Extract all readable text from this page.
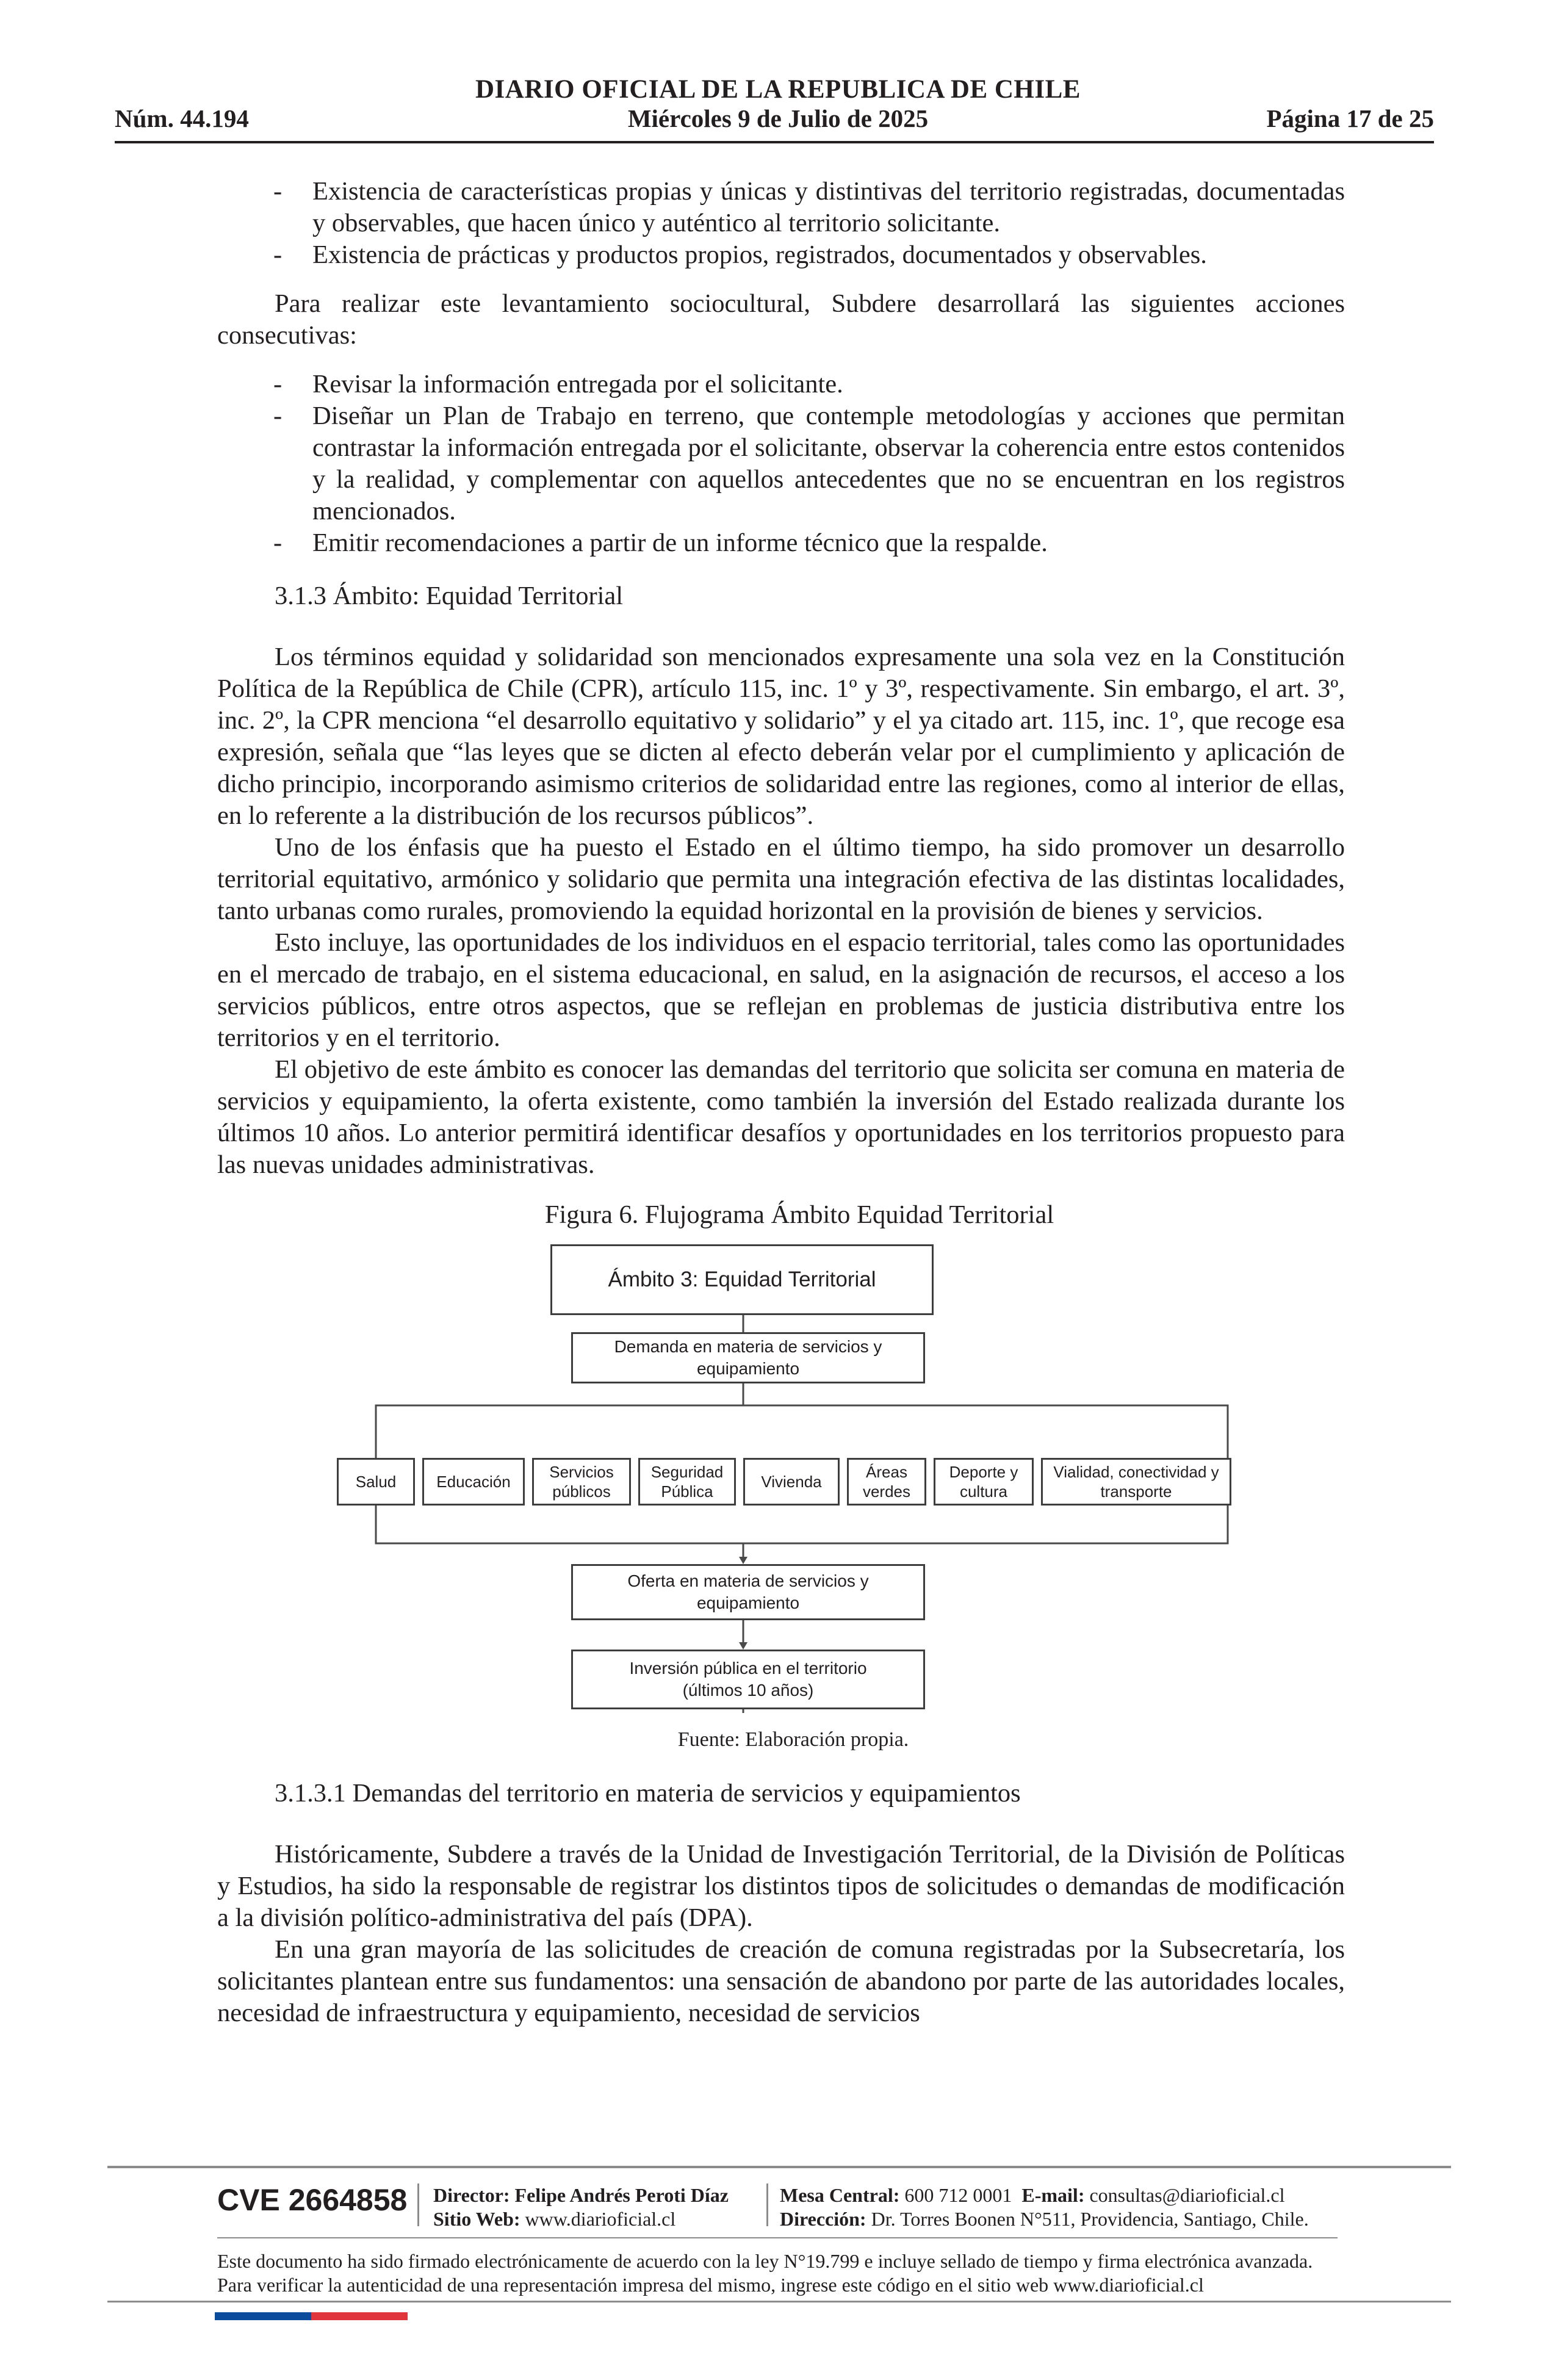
DIARIO OFICIAL DE LA REPUBLICA DE CHILE
Núm. 44.194	Miércoles 9 de Julio de 2025	Página 17 de 25
- Existencia de características propias y únicas y distintivas del territorio registradas, documentadas y observables, que hacen único y auténtico al territorio solicitante.
- Existencia de prácticas y productos propios, registrados, documentados y observables.

Para realizar este levantamiento sociocultural, Subdere desarrollará las siguientes acciones consecutivas:

- Revisar la información entregada por el solicitante.
- Diseñar un Plan de Trabajo en terreno, que contemple metodologías y acciones que permitan contrastar la información entregada por el solicitante, observar la coherencia entre estos contenidos y la realidad, y complementar con aquellos antecedentes que no se encuentran en los registros mencionados.
- Emitir recomendaciones a partir de un informe técnico que la respalde.
3.1.3 Ámbito: Equidad Territorial

Los términos equidad y solidaridad son mencionados expresamente una sola vez en la Constitución Política de la República de Chile (CPR), artículo 115, inc. 1º y 3º, respectivamente. Sin embargo, el art. 3º, inc. 2º, la CPR menciona “el desarrollo equitativo y solidario” y el ya citado art. 115, inc. 1º, que recoge esa expresión, señala que “las leyes que se dicten al efecto deberán velar por el cumplimiento y aplicación de dicho principio, incorporando asimismo criterios de solidaridad entre las regiones, como al interior de ellas, en lo referente a la distribución de los recursos públicos”.

Uno de los énfasis que ha puesto el Estado en el último tiempo, ha sido promover un desarrollo territorial equitativo, armónico y solidario que permita una integración efectiva de las distintas localidades, tanto urbanas como rurales, promoviendo la equidad horizontal en la provisión de bienes y servicios.

Esto incluye, las oportunidades de los individuos en el espacio territorial, tales como las oportunidades en el mercado de trabajo, en el sistema educacional, en salud, en la asignación de recursos, el acceso a los servicios públicos, entre otros aspectos, que se reflejan en problemas de justicia distributiva entre los territorios y en el territorio.

El objetivo de este ámbito es conocer las demandas del territorio que solicita ser comuna en materia de servicios y equipamiento, la oferta existente, como también la inversión del Estado realizada durante los últimos 10 años. Lo anterior permitirá identificar desafíos y oportunidades en los territorios propuesto para las nuevas unidades administrativas.

Figura 6. Flujograma Ámbito Equidad Territorial
Ámbito 3: Equidad Territorial
Demanda en materia de servicios y equipamiento
Salud	Educación
Servicios públicos
Seguridad Pública
Vivienda
Áreas verdes
Deporte y cultura
Vialidad, conectividad y transporte
Oferta en materia de servicios y equipamiento
Inversión pública en el territorio (últimos 10 años)
Fuente: Elaboración propia.
3.1.3.1 Demandas del territorio en materia de servicios y equipamientos

Históricamente, Subdere a través de la Unidad de Investigación Territorial, de la División de Políticas y Estudios, ha sido la responsable de registrar los distintos tipos de solicitudes o demandas de modificación a la división político-administrativa del país (DPA).

En una gran mayoría de las solicitudes de creación de comuna registradas por la Subsecretaría, los solicitantes plantean entre sus fundamentos: una sensación de abandono por parte de las autoridades locales, necesidad de infraestructura y equipamiento, necesidad de servicios

CVE 2664858 Director: Felipe Andrés Peroti Díaz
Sitio Web: www.diarioficial.cl
Mesa Central: 600 712 0001 E-mail: consultas@diarioficial.cl
Dirección: Dr. Torres Boonen N°511, Providencia, Santiago, Chile.
Este documento ha sido firmado electrónicamente de acuerdo con la ley N°19.799 e incluye sellado de tiempo y firma electrónica avanzada. Para verificar la autenticidad de una representación impresa del mismo, ingrese este código en el sitio web www.diarioficial.cl
